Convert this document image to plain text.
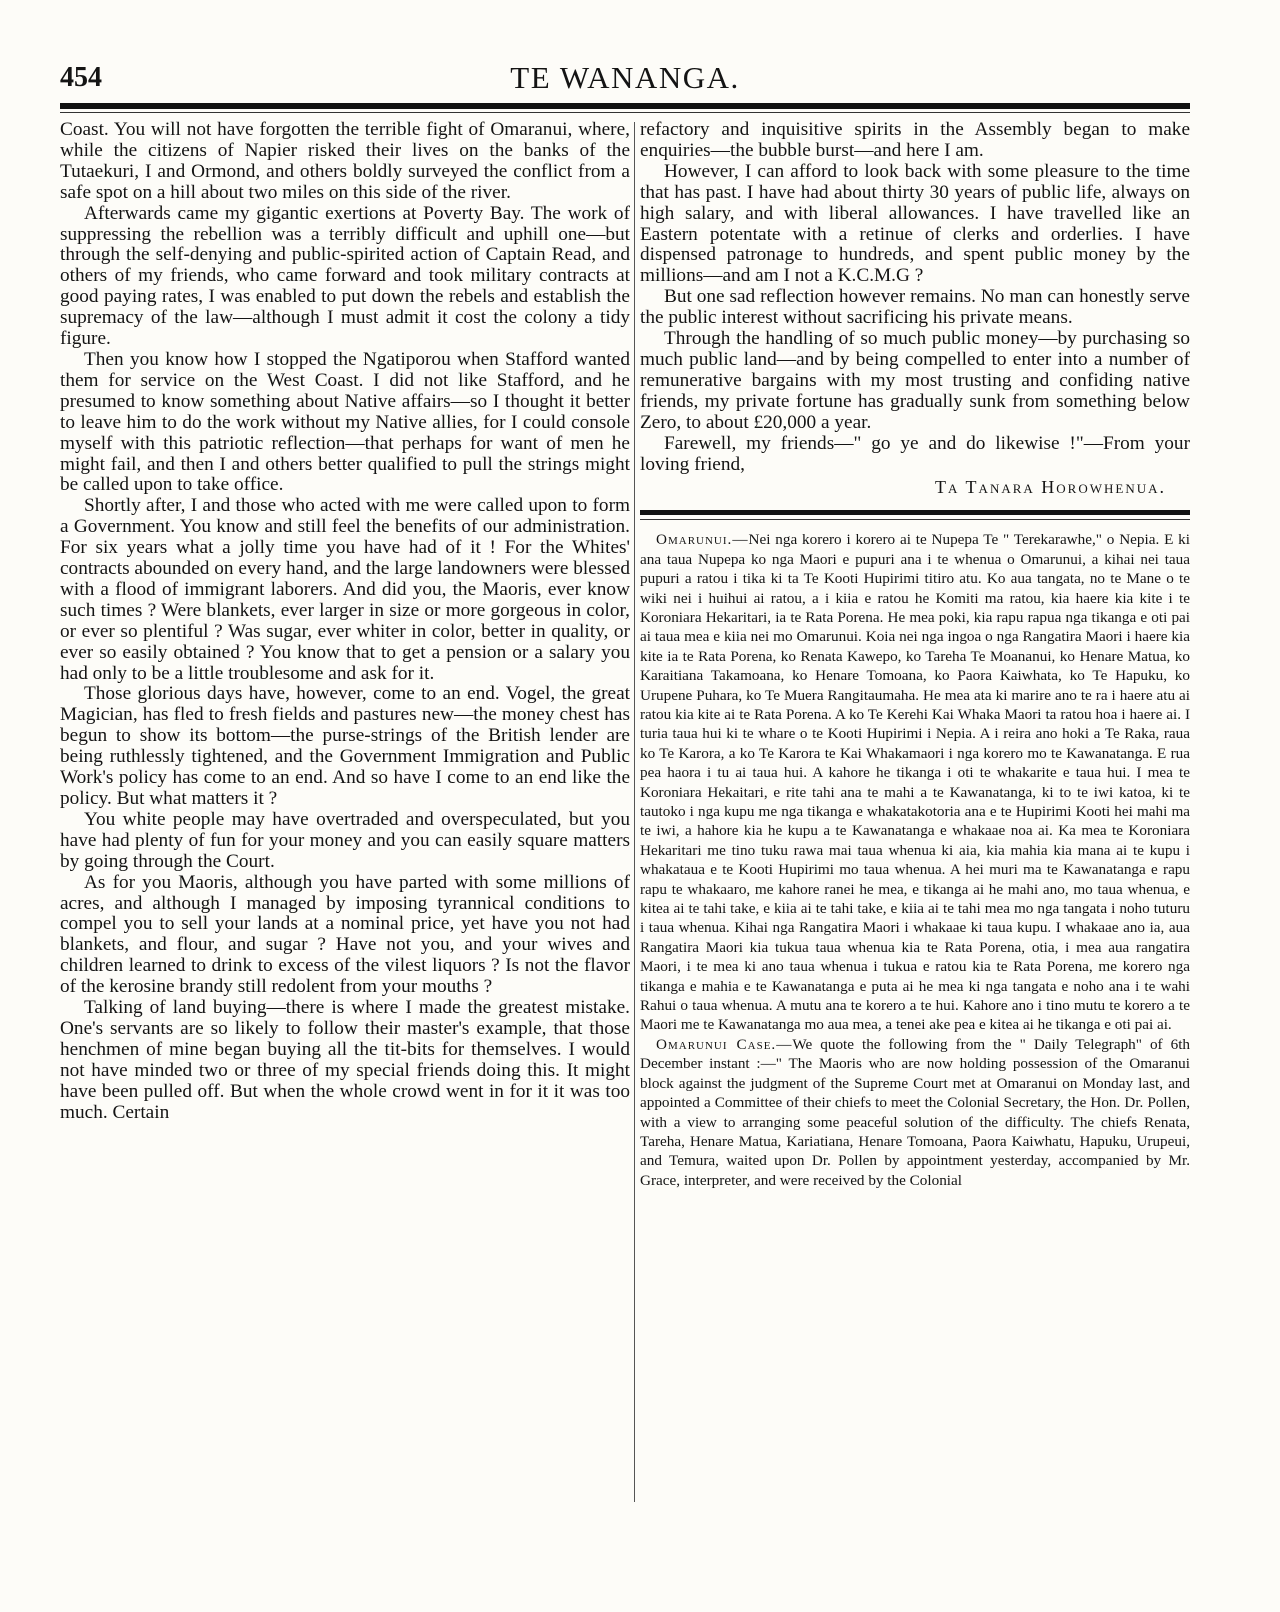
454	TE WANANGA.

Coast. You will not have forgotten the terrible fight of Omaranui, where, while the citizens of Napier risked their lives on the banks of the Tutaekuri, I and Ormond, and others boldly surveyed the conflict from a safe spot on a hill about two miles on this side of the river.

Afterwards came my gigantic exertions at Poverty Bay. The work of suppressing the rebellion was a terribly difficult and uphill one—but through the self-denying and public-spirited action of Captain Read, and others of my friends, who came forward and took military contracts at good paying rates, I was enabled to put down the rebels and establish the supremacy of the law—although I must admit it cost the colony a tidy figure.

Then you know how I stopped the Ngatiporou when Stafford wanted them for service on the West Coast. I did not like Stafford, and he presumed to know something about Native affairs—so I thought it better to leave him to do the work without my Native allies, for I could console myself with this patriotic reflection—that perhaps for want of men he might fail, and then I and others better qualified to pull the strings might be called upon to take office.

Shortly after, I and those who acted with me were called upon to form a Government. You know and still feel the benefits of our administration. For six years what a jolly time you have had of it ! For the Whites' contracts abounded on every hand, and the large landowners were blessed with a flood of immigrant laborers. And did you, the Maoris, ever know such times ? Were blankets, ever larger in size or more gorgeous in color, or ever so plentiful ? Was sugar, ever whiter in color, better in quality, or ever so easily obtained ? You know that to get a pension or a salary you had only to be a little troublesome and ask for it.

Those glorious days have, however, come to an end. Vogel, the great Magician, has fled to fresh fields and pastures new—the money chest has begun to show its bottom—the purse-strings of the British lender are being ruthlessly tightened, and the Government Immigration and Public Work's policy has come to an end. And so have I come to an end like the policy. But what matters it ?

You white people may have overtraded and overspeculated, but you have had plenty of fun for your money and you can easily square matters by going through the Court.

As for you Maoris, although you have parted with some millions of acres, and although I managed by imposing tyrannical conditions to compel you to sell your lands at a nominal price, yet have you not had blankets, and flour, and sugar ? Have not you, and your wives and children learned to drink to excess of the vilest liquors ? Is not the flavor of the kerosine brandy still redolent from your mouths ?

Talking of land buying—there is where I made the greatest mistake. One's servants are so likely to follow their master's example, that those henchmen of mine began buying all the tit-bits for themselves. I would not have minded two or three of my special friends doing this. It might have been pulled off. But when the whole crowd went in for it it was too much. Certain

refactory and inquisitive spirits in the Assembly began to make enquiries—the bubble burst—and here I am.

However, I can afford to look back with some pleasure to the time that has past. I have had about thirty 30 years of public life, always on high salary, and with liberal allowances. I have travelled like an Eastern potentate with a retinue of clerks and orderlies. I have dispensed patronage to hundreds, and spent public money by the millions—and am I not a K.C.M.G ?

But one sad reflection however remains. No man can honestly serve the public interest without sacrificing his private means.

Through the handling of so much public money—by purchasing so much public land—and by being compelled to enter into a number of remunerative bargains with my most trusting and confiding native friends, my private fortune has gradually sunk from something below Zero, to about £20,000 a year.

Farewell, my friends—" go ye and do likewise !"—From your loving friend,

Ta Tanara Horowhenua.

Omarunui.—Nei nga korero i korero ai te Nupepa Te " Terekarawhe," o Nepia. E ki ana taua Nupepa ko nga Maori e pupuri ana i te whenua o Omarunui, a kihai nei taua pupuri a ratou i tika ki ta Te Kooti Hupirimi titiro atu. Ko aua tangata, no te Mane o te wiki nei i huihui ai ratou, a i kiia e ratou he Komiti ma ratou, kia haere kia kite i te Koroniara Hekaritari, ia te Rata Porena. He mea poki, kia rapu rapua nga tikanga e oti pai ai taua mea e kiia nei mo Omarunui. Koia nei nga ingoa o nga Rangatira Maori i haere kia kite ia te Rata Porena, ko Renata Kawepo, ko Tareha Te Moananui, ko Henare Matua, ko Karaitiana Takamoana, ko Henare Tomoana, ko Paora Kaiwhata, ko Te Hapuku, ko Urupene Puhara, ko Te Muera Rangitaumaha. He mea ata ki marire ano te ra i haere atu ai ratou kia kite ai te Rata Porena. A ko Te Kerehi Kai Whaka Maori ta ratou hoa i haere ai. I turia taua hui ki te whare o te Kooti Hupirimi i Nepia. A i reira ano hoki a Te Raka, raua ko Te Karora, a ko Te Karora te Kai Whakamaori i nga korero mo te Kawanatanga. E rua pea haora i tu ai taua hui. A kahore he tikanga i oti te whakarite e taua hui. I mea te Koroniara Hekaitari, e rite tahi ana te mahi a te Kawanatanga, ki to te iwi katoa, ki te tautoko i nga kupu me nga tikanga e whakatakotoria ana e te Hupirimi Kooti hei mahi ma te iwi, a hahore kia he kupu a te Kawanatanga e whakaae noa ai. Ka mea te Koroniara Hekaritari me tino tuku rawa mai taua whenua ki aia, kia mahia kia mana ai te kupu i whakataua e te Kooti Hupirimi mo taua whenua. A hei muri ma te Kawanatanga e rapu rapu te whakaaro, me kahore ranei he mea, e tikanga ai he mahi ano, mo taua whenua, e kitea ai te tahi take, e kiia ai te tahi take, e kiia ai te tahi mea mo nga tangata i noho tuturu i taua whenua. Kihai nga Rangatira Maori i whakaae ki taua kupu. I whakaae ano ia, aua Rangatira Maori kia tukua taua whenua kia te Rata Porena, otia, i mea aua rangatira Maori, i te mea ki ano taua whenua i tukua e ratou kia te Rata Porena, me korero nga tikanga e mahia e te Kawanatanga e puta ai he mea ki nga tangata e noho ana i te wahi Rahui o taua whenua. A mutu ana te korero a te hui. Kahore ano i tino mutu te korero a te Maori me te Kawanatanga mo aua mea, a tenei ake pea e kitea ai he tikanga e oti pai ai.

Omarunui Case.—We quote the following from the " Daily Telegraph" of 6th December instant :—" The Maoris who are now holding possession of the Omaranui block against the judgment of the Supreme Court met at Omaranui on Monday last, and appointed a Committee of their chiefs to meet the Colonial Secretary, the Hon. Dr. Pollen, with a view to arranging some peaceful solution of the difficulty. The chiefs Renata, Tareha, Henare Matua, Kariatiana, Henare Tomoana, Paora Kaiwhatu, Hapuku, Urupeui, and Temura, waited upon Dr. Pollen by appointment yesterday, accompanied by Mr. Grace, interpreter, and were received by the Colonial
